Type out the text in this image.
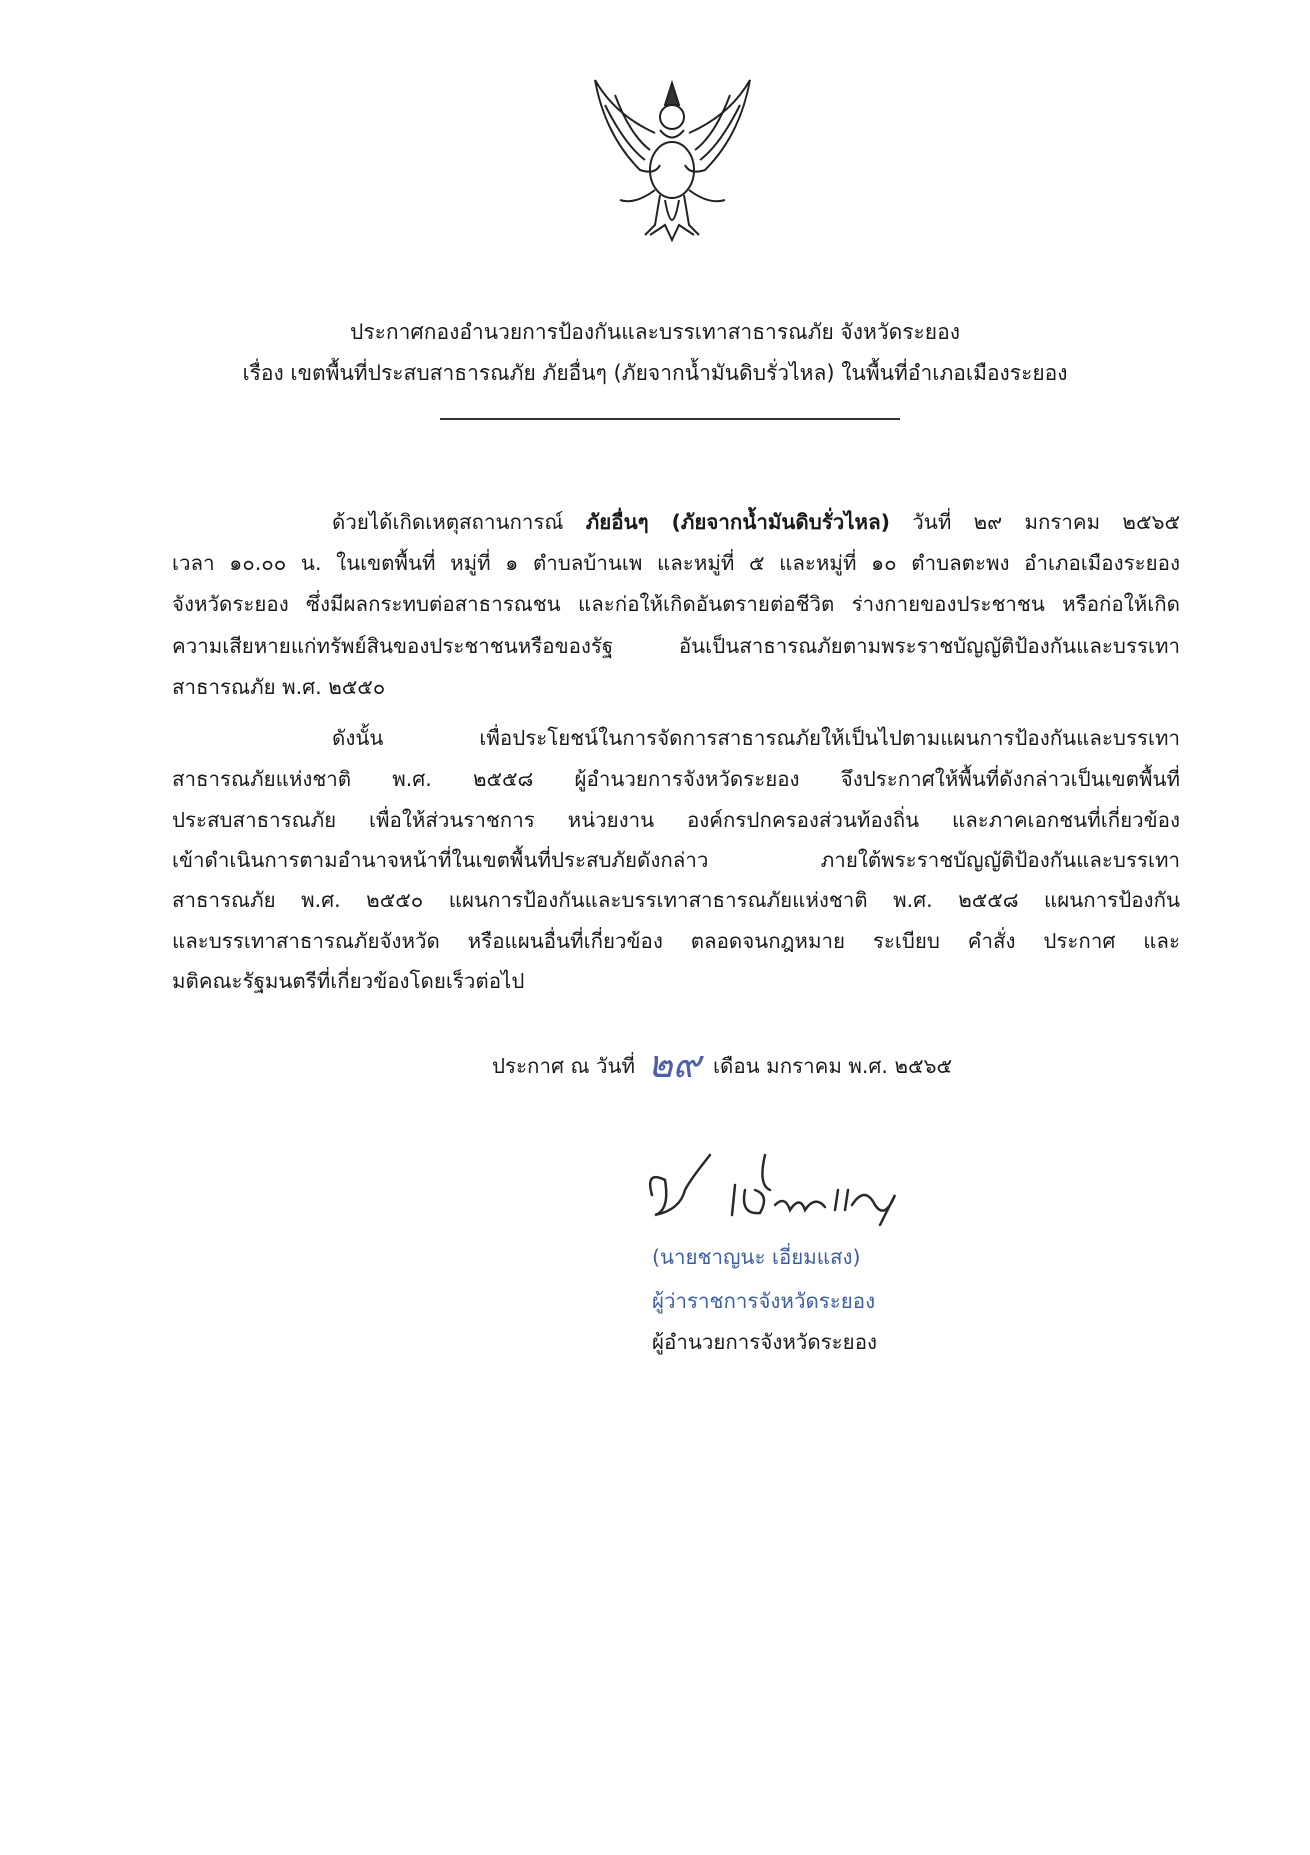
ประกาศกองอำนวยการป้องกันและบรรเทาสาธารณภัย จังหวัดระยอง
เรื่อง เขตพื้นที่ประสบสาธารณภัย ภัยอื่นๆ (ภัยจากน้ำมันดิบรั่วไหล) ในพื้นที่อำเภอเมืองระยอง
ด้วยได้เกิดเหตุสถานการณ์ ภัยอื่นๆ (ภัยจากน้ำมันดิบรั่วไหล) วันที่ ๒๙ มกราคม ๒๕๖๕
เวลา ๑๐.๐๐ น. ในเขตพื้นที่ หมู่ที่ ๑ ตำบลบ้านเพ และหมู่ที่ ๕ และหมู่ที่ ๑๐ ตำบลตะพง อำเภอเมืองระยอง
จังหวัดระยอง ซึ่งมีผลกระทบต่อสาธารณชน และก่อให้เกิดอันตรายต่อชีวิต ร่างกายของประชาชน หรือก่อให้เกิด
ความเสียหายแก่ทรัพย์สินของประชาชนหรือของรัฐ อันเป็นสาธารณภัยตามพระราชบัญญัติป้องกันและบรรเทา
สาธารณภัย พ.ศ. ๒๕๕๐
ดังนั้น เพื่อประโยชน์ในการจัดการสาธารณภัยให้เป็นไปตามแผนการป้องกันและบรรเทา
สาธารณภัยแห่งชาติ พ.ศ. ๒๕๕๘ ผู้อำนวยการจังหวัดระยอง จึงประกาศให้พื้นที่ดังกล่าวเป็นเขตพื้นที่
ประสบสาธารณภัย เพื่อให้ส่วนราชการ หน่วยงาน องค์กรปกครองส่วนท้องถิ่น และภาคเอกชนที่เกี่ยวข้อง
เข้าดำเนินการตามอำนาจหน้าที่ในเขตพื้นที่ประสบภัยดังกล่าว ภายใต้พระราชบัญญัติป้องกันและบรรเทา
สาธารณภัย พ.ศ. ๒๕๕๐ แผนการป้องกันและบรรเทาสาธารณภัยแห่งชาติ พ.ศ. ๒๕๕๘ แผนการป้องกัน
และบรรเทาสาธารณภัยจังหวัด หรือแผนอื่นที่เกี่ยวข้อง ตลอดจนกฎหมาย ระเบียบ คำสั่ง ประกาศ และ
มติคณะรัฐมนตรีที่เกี่ยวข้องโดยเร็วต่อไป
ประกาศ ณ วันที่ ๒๙ เดือน มกราคม พ.ศ. ๒๕๖๕
(นายชาญนะ เอี่ยมแสง)
ผู้ว่าราชการจังหวัดระยอง
ผู้อำนวยการจังหวัดระยอง
